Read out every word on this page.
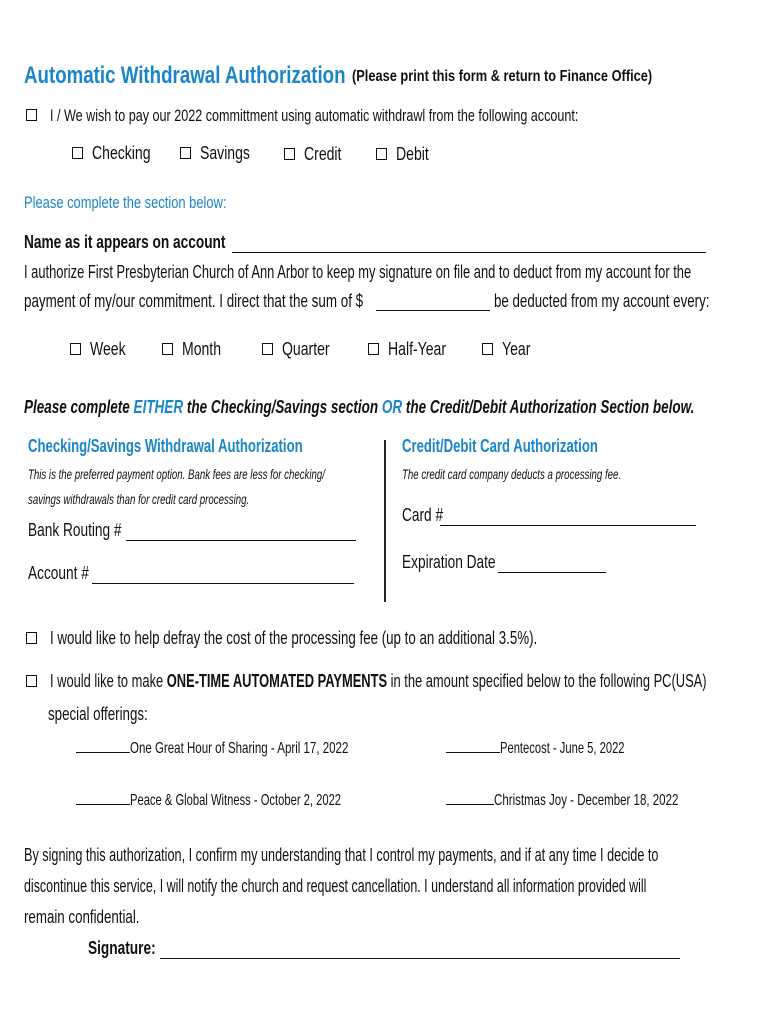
Automatic Withdrawal Authorization (Please print this form & return to Finance Office)
I / We wish to pay our 2022 committment using automatic withdrawl from the following account:
Checking	Savings	Credit	Debit
Please complete the section below:
Name as it appears on account
I authorize First Presbyterian Church of Ann Arbor to keep my signature on file and to deduct from my account for the
payment of my/our commitment. I direct that the sum of $	be deducted from my account every:
Week	Month	Quarter	Half-Year	Year
Please complete EITHER the Checking/Savings section OR the Credit/Debit Authorization Section below.
Checking/Savings Withdrawal Authorization
This is the preferred payment option. Bank fees are less for checking/
savings withdrawals than for credit card processing.
Bank Routing #
Account #
Credit/Debit Card Authorization
The credit card company deducts a processing fee.
Card #
Expiration Date
I would like to help defray the cost of the processing fee (up to an additional 3.5%).
I would like to make ONE-TIME AUTOMATED PAYMENTS in the amount specified below to the following PC(USA)
special offerings:
One Great Hour of Sharing - April 17, 2022	Pentecost - June 5, 2022
Peace & Global Witness - October 2, 2022	Christmas Joy - December 18, 2022
By signing this authorization, I confirm my understanding that I control my payments, and if at any time I decide to
discontinue this service, I will notify the church and request cancellation. I understand all information provided will
remain confidential.
Signature:
